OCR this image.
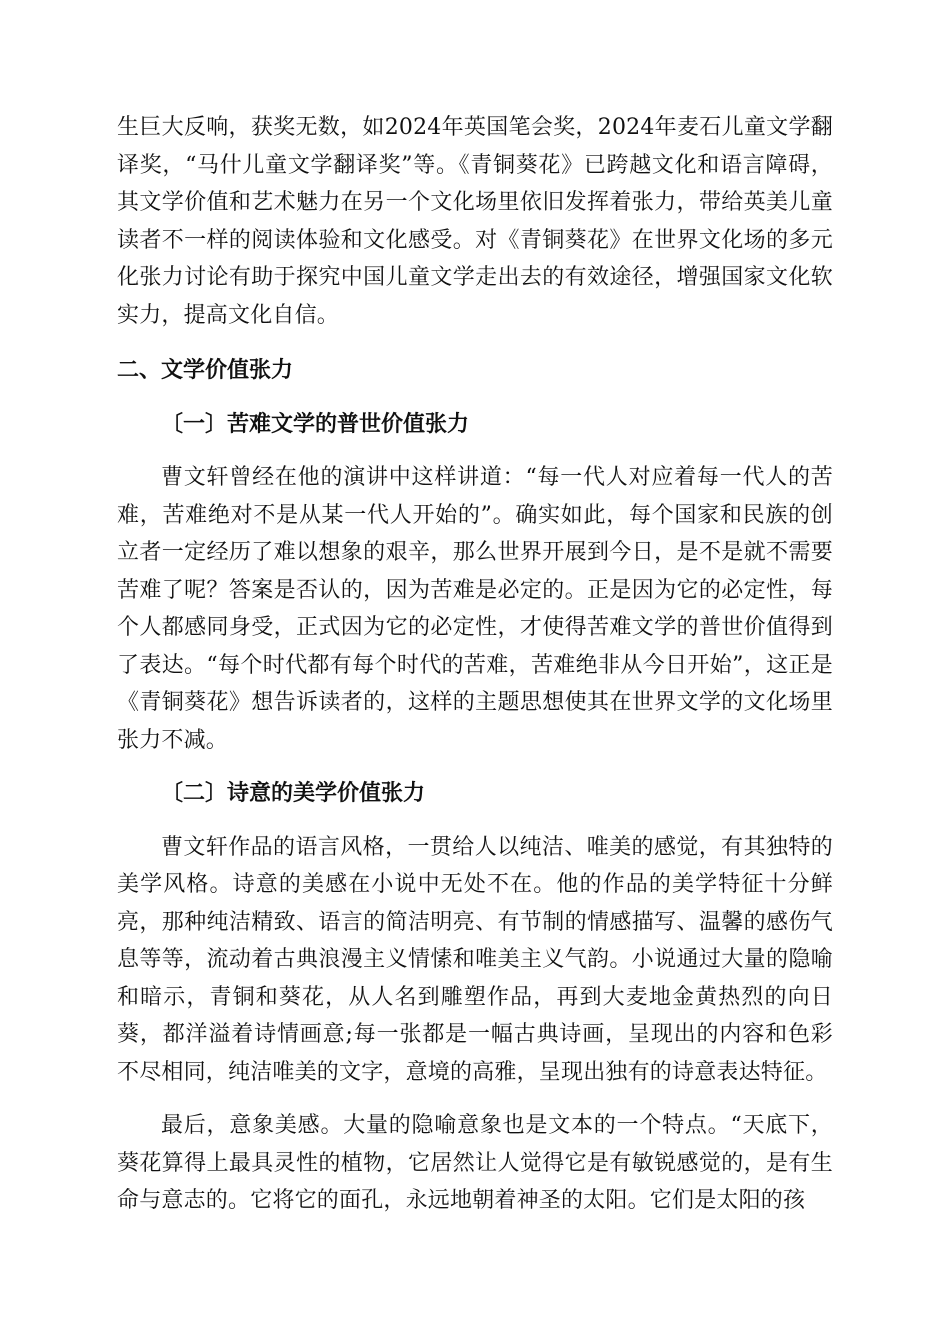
生巨大反响，获奖无数，如2024年英国笔会奖，2024年麦石儿童文学翻译奖，“马什儿童文学翻译奖”等。《青铜葵花》已跨越文化和语言障碍，其文学价值和艺术魅力在另一个文化场里依旧发挥着张力，带给英美儿童读者不一样的阅读体验和文化感受。对《青铜葵花》在世界文化场的多元化张力讨论有助于探究中国儿童文学走出去的有效途径，增强国家文化软实力，提高文化自信。

二、文学价值张力
〔一〕苦难文学的普世价值张力

曹文轩曾经在他的演讲中这样讲道：“每一代人对应着每一代人的苦难，苦难绝对不是从某一代人开始的”。确实如此，每个国家和民族的创立者一定经历了难以想象的艰辛，那么世界开展到今日，是不是就不需要苦难了呢？答案是否认的，因为苦难是必定的。正是因为它的必定性，每个人都感同身受，正式因为它的必定性，才使得苦难文学的普世价值得到了表达。“每个时代都有每个时代的苦难，苦难绝非从今日开始”，这正是《青铜葵花》想告诉读者的，这样的主题思想使其在世界文学的文化场里张力不减。

〔二〕诗意的美学价值张力

曹文轩作品的语言风格，一贯给人以纯洁、唯美的感觉，有其独特的美学风格。诗意的美感在小说中无处不在。他的作品的美学特征十分鲜亮，那种纯洁精致、语言的简洁明亮、有节制的情感描写、温馨的感伤气息等等，流动着古典浪漫主义情愫和唯美主义气韵。小说通过大量的隐喻和暗示，青铜和葵花，从人名到雕塑作品，再到大麦地金黄热烈的向日葵，都洋溢着诗情画意;每一张都是一幅古典诗画，呈现出的内容和色彩不尽相同，纯洁唯美的文字，意境的高雅，呈现出独有的诗意表达特征。

最后，意象美感。大量的隐喻意象也是文本的一个特点。“天底下，葵花算得上最具灵性的植物，它居然让人觉得它是有敏锐感觉的，是有生命与意志的。它将它的面孔，永远地朝着神圣的太阳。它们是太阳的孩
